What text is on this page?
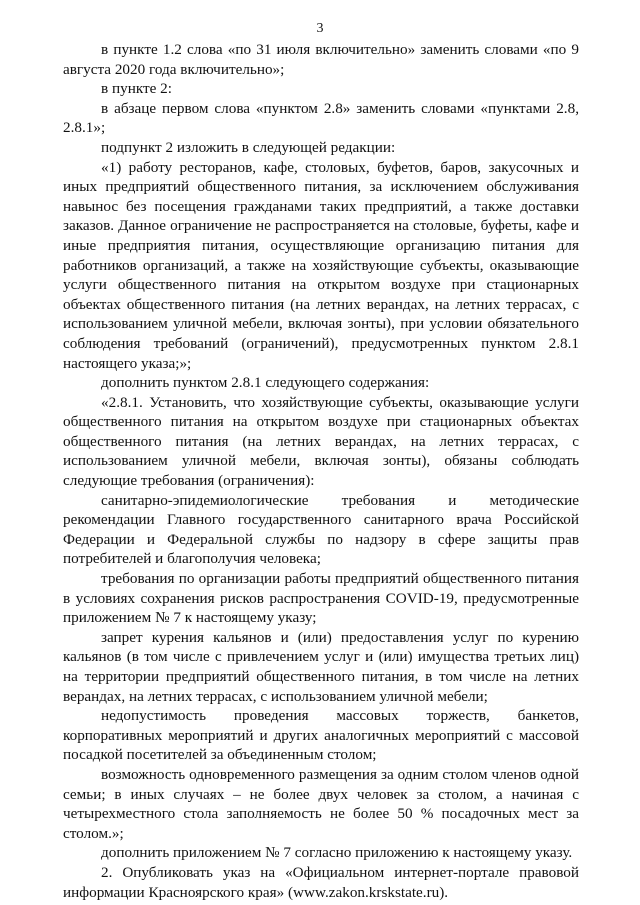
3

в пункте 1.2 слова «по 31 июля включительно» заменить словами «по 9 августа 2020 года включительно»;

в пункте 2:

в абзаце первом слова «пунктом 2.8» заменить словами «пунктами 2.8, 2.8.1»;

подпункт 2 изложить в следующей редакции:

«1) работу ресторанов, кафе, столовых, буфетов, баров, закусочных и иных предприятий общественного питания, за исключением обслуживания навынос без посещения гражданами таких предприятий, а также доставки заказов. Данное ограничение не распространяется на столовые, буфеты, кафе и иные предприятия питания, осуществляющие организацию питания для работников организаций, а также на хозяйствующие субъекты, оказывающие услуги общественного питания на открытом воздухе при стационарных объектах общественного питания (на летних верандах, на летних террасах, с использованием уличной мебели, включая зонты), при условии обязательного соблюдения требований (ограничений), предусмотренных пунктом 2.8.1 настоящего указа;»;

дополнить пунктом 2.8.1 следующего содержания:

«2.8.1. Установить, что хозяйствующие субъекты, оказывающие услуги общественного питания на открытом воздухе при стационарных объектах общественного питания (на летних верандах, на летних террасах, с использованием уличной мебели, включая зонты), обязаны соблюдать следующие требования (ограничения):

санитарно-эпидемиологические требования и методические рекомендации Главного государственного санитарного врача Российской Федерации и Федеральной службы по надзору в сфере защиты прав потребителей и благополучия человека;

требования по организации работы предприятий общественного питания в условиях сохранения рисков распространения COVID-19, предусмотренные приложением № 7 к настоящему указу;

запрет курения кальянов и (или) предоставления услуг по курению кальянов (в том числе с привлечением услуг и (или) имущества третьих лиц) на территории предприятий общественного питания, в том числе на летних верандах, на летних террасах, с использованием уличной мебели;

недопустимость проведения массовых торжеств, банкетов, корпоративных мероприятий и других аналогичных мероприятий с массовой посадкой посетителей за объединенным столом;

возможность одновременного размещения за одним столом членов одной семьи; в иных случаях – не более двух человек за столом, а начиная с четырехместного стола заполняемость не более 50 % посадочных мест за столом.»;

дополнить приложением № 7 согласно приложению к настоящему указу.

2. Опубликовать указ на «Официальном интернет-портале правовой информации Красноярского края» (www.zakon.krskstate.ru).
